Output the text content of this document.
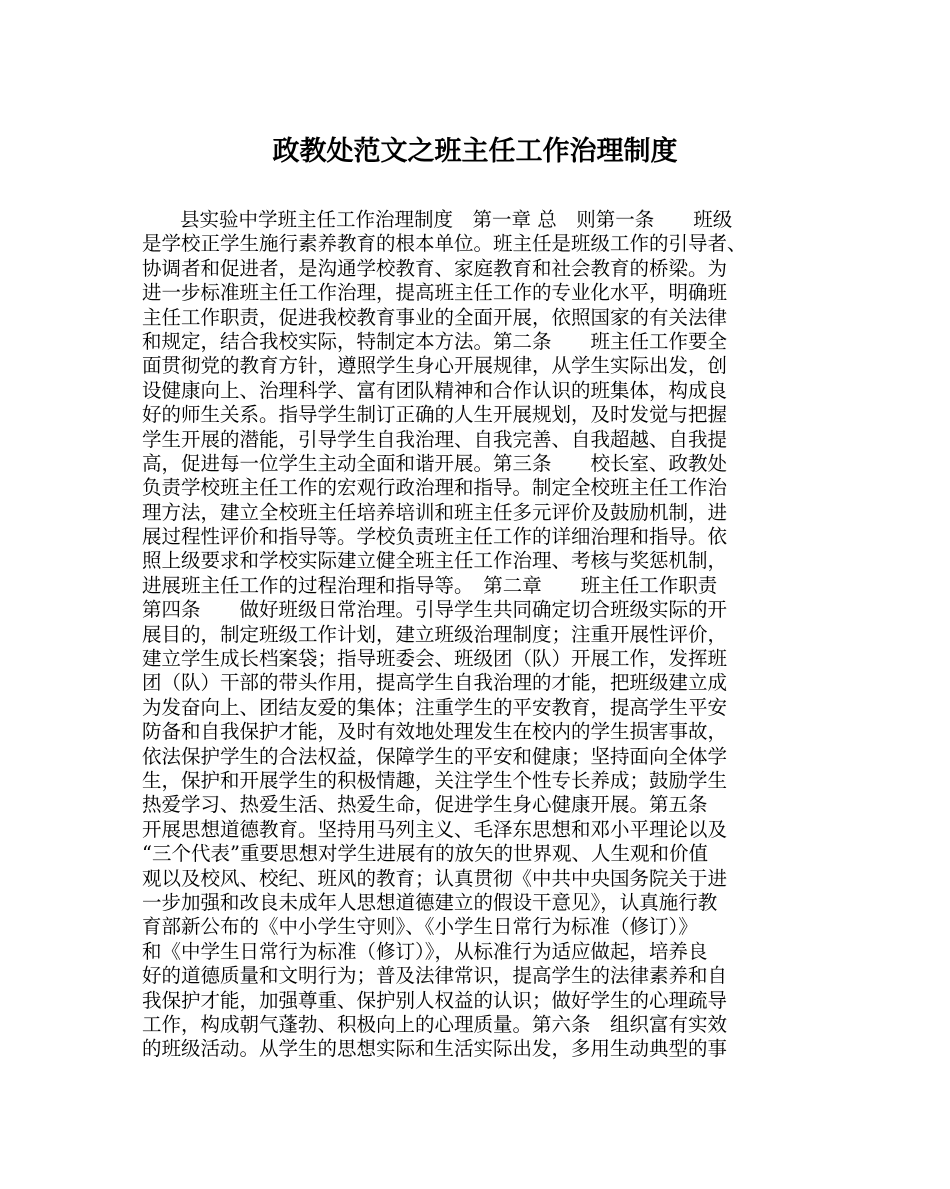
政教处范文之班主任工作治理制度
县实验中学班主任工作治理制度　第一章 总　则第一条　　班级
是学校正学生施行素养教育的根本单位。班主任是班级工作的引导者、
协调者和促进者，是沟通学校教育、家庭教育和社会教育的桥梁。为
进一步标准班主任工作治理，提高班主任工作的专业化水平，明确班
主任工作职责，促进我校教育事业的全面开展，依照国家的有关法律
和规定，结合我校实际，特制定本方法。第二条　　班主任工作要全
面贯彻党的教育方针，遵照学生身心开展规律，从学生实际出发，创
设健康向上、治理科学、富有团队精神和合作认识的班集体，构成良
好的师生关系。指导学生制订正确的人生开展规划，及时发觉与把握
学生开展的潜能，引导学生自我治理、自我完善、自我超越、自我提
高，促进每一位学生主动全面和谐开展。第三条　　校长室、政教处
负责学校班主任工作的宏观行政治理和指导。制定全校班主任工作治
理方法，建立全校班主任培养培训和班主任多元评价及鼓励机制，进
展过程性评价和指导等。学校负责班主任工作的详细治理和指导。依
照上级要求和学校实际建立健全班主任工作治理、考核与奖惩机制，
进展班主任工作的过程治理和指导等。　第二章　　班主任工作职责
第四条　　做好班级日常治理。引导学生共同确定切合班级实际的开
展目的，制定班级工作计划，建立班级治理制度；注重开展性评价，
建立学生成长档案袋；指导班委会、班级团（队）开展工作，发挥班
团（队）干部的带头作用，提高学生自我治理的才能，把班级建立成
为发奋向上、团结友爱的集体；注重学生的平安教育，提高学生平安
防备和自我保护才能，及时有效地处理发生在校内的学生损害事故，
依法保护学生的合法权益，保障学生的平安和健康；坚持面向全体学
生，保护和开展学生的积极情趣，关注学生个性专长养成；鼓励学生
热爱学习、热爱生活、热爱生命，促进学生身心健康开展。第五条
开展思想道德教育。坚持用马列主义、毛泽东思想和邓小平理论以及
“三个代表”重要思想对学生进展有的放矢的世界观、人生观和价值
观以及校风、校纪、班风的教育；认真贯彻《中共中央国务院关于进
一步加强和改良未成年人思想道德建立的假设干意见》，认真施行教
育部新公布的《中小学生守则》、《小学生日常行为标准（修订）》
和《中学生日常行为标准（修订）》，从标准行为适应做起，培养良
好的道德质量和文明行为；普及法律常识，提高学生的法律素养和自
我保护才能，加强尊重、保护别人权益的认识；做好学生的心理疏导
工作，构成朝气蓬勃、积极向上的心理质量。第六条　组织富有实效
的班级活动。从学生的思想实际和生活实际出发，多用生动典型的事
